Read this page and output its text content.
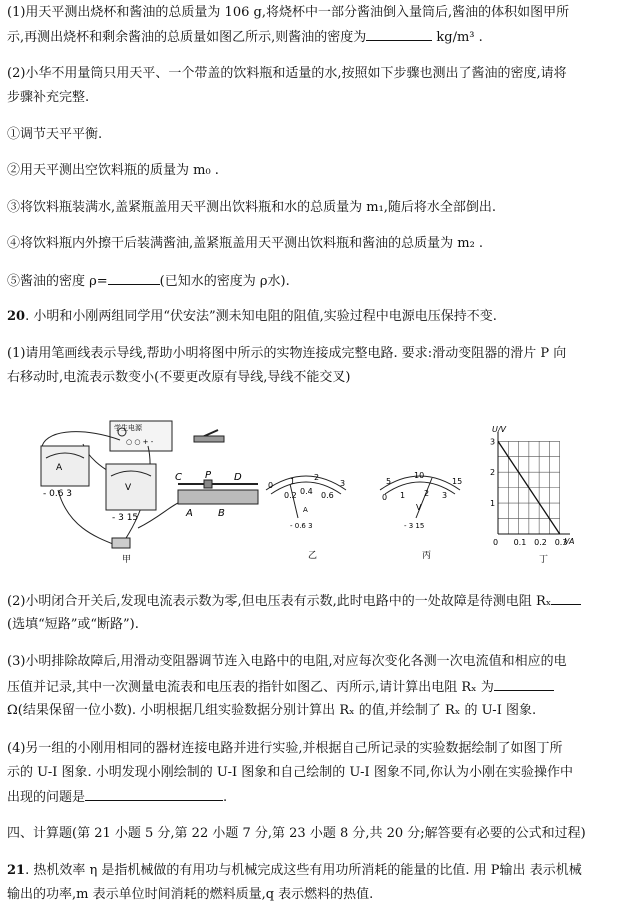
(1)用天平测出烧杯和酱油的总质量为 106 g,将烧杯中一部分酱油倒入量筒后,酱油的体积如图甲所
示,再测出烧杯和剩余酱油的总质量如图乙所示,则酱油的密度为	kg/m³ .
(2)小华不用量筒只用天平、一个带盖的饮料瓶和适量的水,按照如下步骤也测出了酱油的密度,请将
步骤补充完整.
①调节天平平衡.
②用天平测出空饮料瓶的质量为 m₀ .
③将饮料瓶装满水,盖紧瓶盖用天平测出饮料瓶和水的总质量为 m₁,随后将水全部倒出.
④将饮料瓶内外擦干后装满酱油,盖紧瓶盖用天平测出饮料瓶和酱油的总质量为 m₂ .
⑤酱油的密度 ρ=	(已知水的密度为 ρ水).
20. 小明和小刚两组同学用“伏安法”测未知电阻的阻值,实验过程中电源电压保持不变.
(1)请用笔画线表示导线,帮助小明将图中所示的实物连接成完整电路. 要求:滑动变阻器的滑片 P 向
右移动时,电流表示数变小(不要更改原有导线,导线不能交叉)
学生电源
○ ○ + -
- 0.6 3
- 3 15
A
V
C P D
A	B
甲
0
0.2 0.4 0.6
1 2
3
A
- 0.6 3
乙
5
10
15
0 1 2 3
V
- 3 15
丙
0 0.1 0.2 0.3
1
2
3
U/V
I/A
丁
(2)小明闭合开关后,发现电流表示数为零,但电压表有示数,此时电路中的一处故障是待测电阻 Rₓ
(选填“短路”或“断路”).
(3)小明排除故障后,用滑动变阻器调节连入电路中的电阻,对应每次变化各测一次电流值和相应的电
压值并记录,其中一次测量电流表和电压表的指针如图乙、丙所示,请计算出电阻 Rₓ 为
Ω(结果保留一位小数). 小明根据几组实验数据分别计算出 Rₓ 的值,并绘制了 Rₓ 的 U-I 图象.
(4)另一组的小刚用相同的器材连接电路并进行实验,并根据自己所记录的实验数据绘制了如图丁所
示的 U-I 图象. 小明发现小刚绘制的 U-I 图象和自己绘制的 U-I 图象不同,你认为小刚在实验操作中
出现的问题是	.
四、计算题(第 21 小题 5 分,第 22 小题 7 分,第 23 小题 8 分,共 20 分;解答要有必要的公式和过程)
21. 热机效率 η 是指机械做的有用功与机械完成这些有用功所消耗的能量的比值. 用 P输出 表示机械
输出的功率,m 表示单位时间消耗的燃料质量,q 表示燃料的热值.
